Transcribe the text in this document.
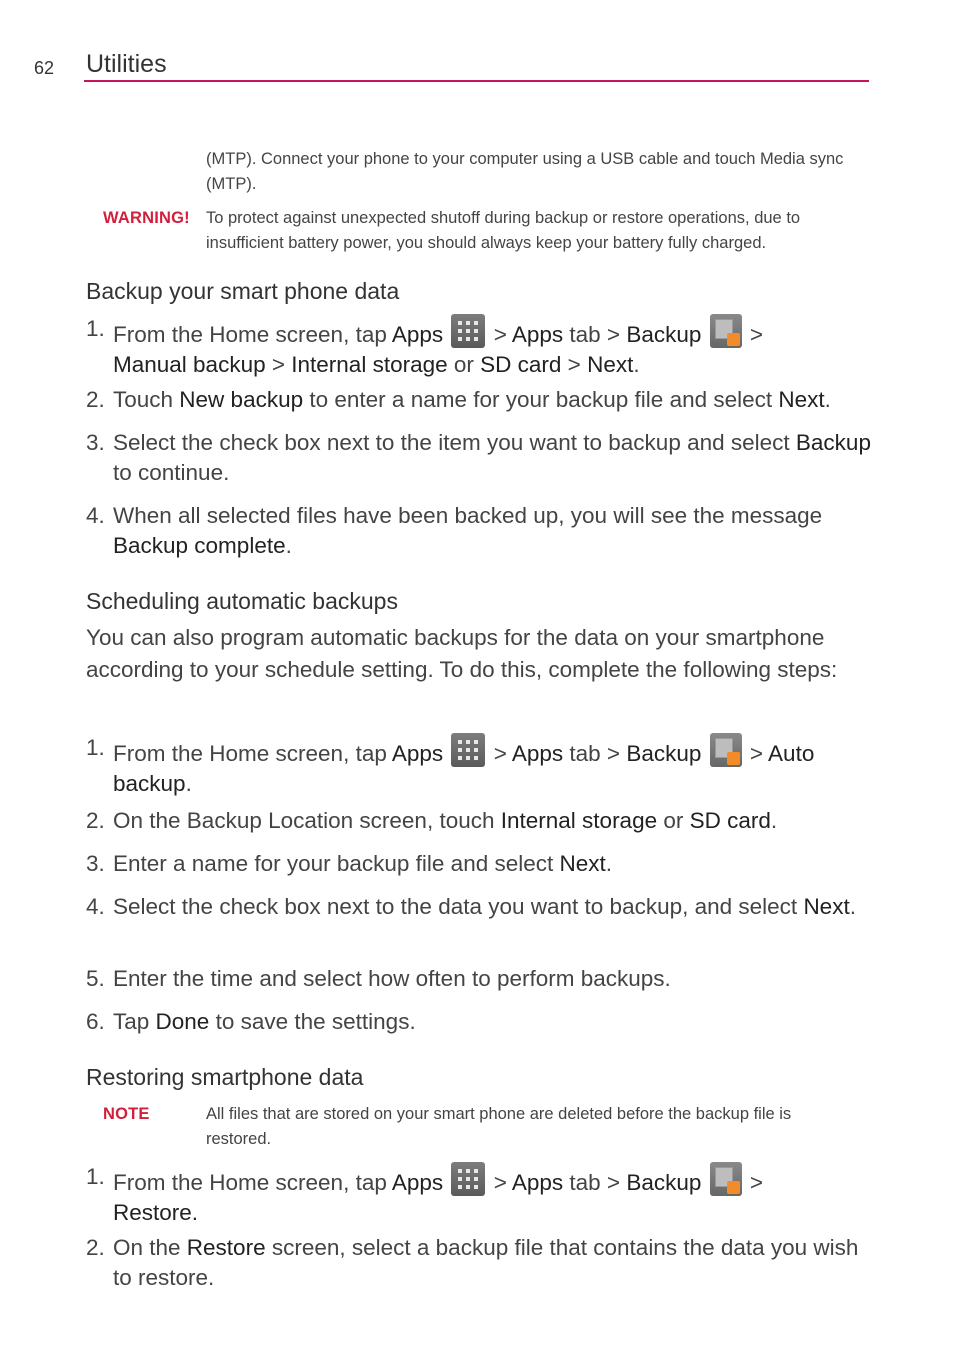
62 Utilities
(MTP). Connect your phone to your computer using a USB cable and touch Media sync (MTP).
WARNING! To protect against unexpected shutoff during backup or restore operations, due to insufficient battery power, you should always keep your battery fully charged.
Backup your smart phone data
1. From the Home screen, tap Apps
> Apps tab > Backup
>
Manual backup > Internal storage or SD card > Next.
2. Touch New backup to enter a name for your backup file and select Next.
3. Select the check box next to the item you want to backup and select Backup to continue.
4. When all selected files have been backed up, you will see the message Backup complete.
Scheduling automatic backups
You can also program automatic backups for the data on your smartphone according to your schedule setting. To do this, complete the following steps:
1. From the Home screen, tap Apps
> Apps tab > Backup
> Auto backup.
2. On the Backup Location screen, touch Internal storage or SD card.
3. Enter a name for your backup file and select Next.
4. Select the check box next to the data you want to backup, and select Next.
5. Enter the time and select how often to perform backups.
6. Tap Done to save the settings.
Restoring smartphone data
NOTE	All files that are stored on your smart phone are deleted before the backup file is restored.
1. From the Home screen, tap Apps
> Apps tab > Backup
>
Restore.
2. On the Restore screen, select a backup file that contains the data you wish to restore.
